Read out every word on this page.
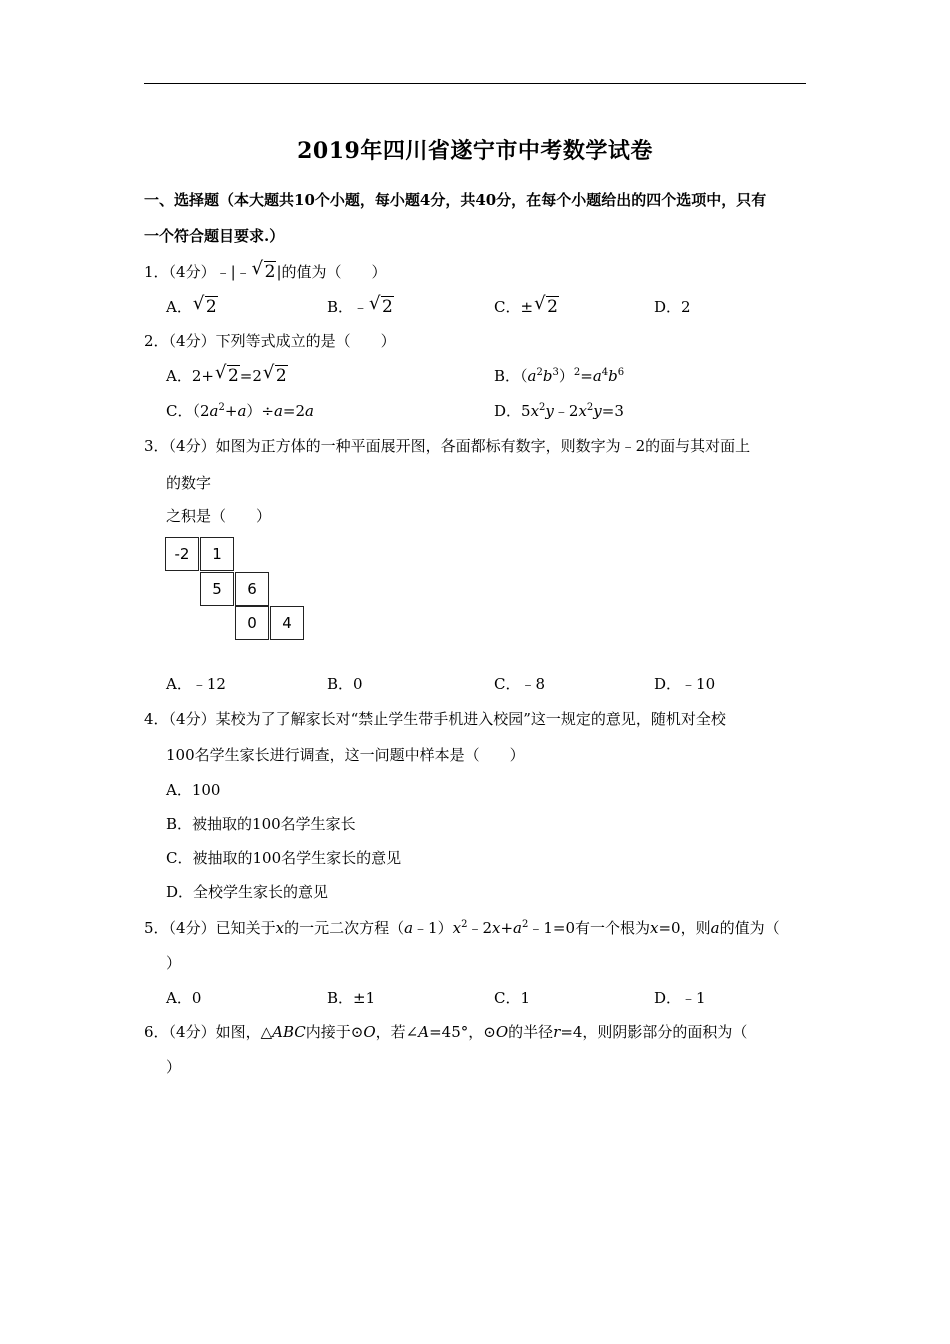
2019年四川省遂宁市中考数学试卷
一、选择题（本大题共10个小题，每小题4分，共40分，在每个小题给出的四个选项中，只有
一个符合题目要求.）
1．（4分）﹣|﹣ √ 2|的值为（　　）
A． √ 2	B．﹣ √ 2	C．± √ 2	D．2
2．（4分）下列等式成立的是（　　）
A．2+ √ 2=2 √ 2	B．$(a^2b^3)^2=a^4b^6$
C．$(2a^2+a)\div a=2a$	D．$5x^2y﹣2x^2y=3$
3．（4分）如图为正方体的一种平面展开图，各面都标有数字，则数字为﹣2的面与其对面上
的数字
之积是（　　）
-2	1
5	6
0	4
A．﹣12	B．0	C．﹣8	D．﹣10
4．（4分）某校为了了解家长对“禁止学生带手机进入校园”这一规定的意见，随机对全校
100名学生家长进行调查，这一问题中样本是（　　）
A．100
B．被抽取的100名学生家长
C．被抽取的100名学生家长的意见
D．全校学生家长的意见
5．（4分）已知关于x的一元二次方程$(a﹣1)x^2﹣2x+a^2﹣1=0$有一个根为x=0，则a的值为（
）
A．0	B．±1	C．1	D．﹣1
6．（4分）如图，△ABC内接于⊙O，若∠A=45°，⊙O的半径r=4，则阴影部分的面积为（
）
